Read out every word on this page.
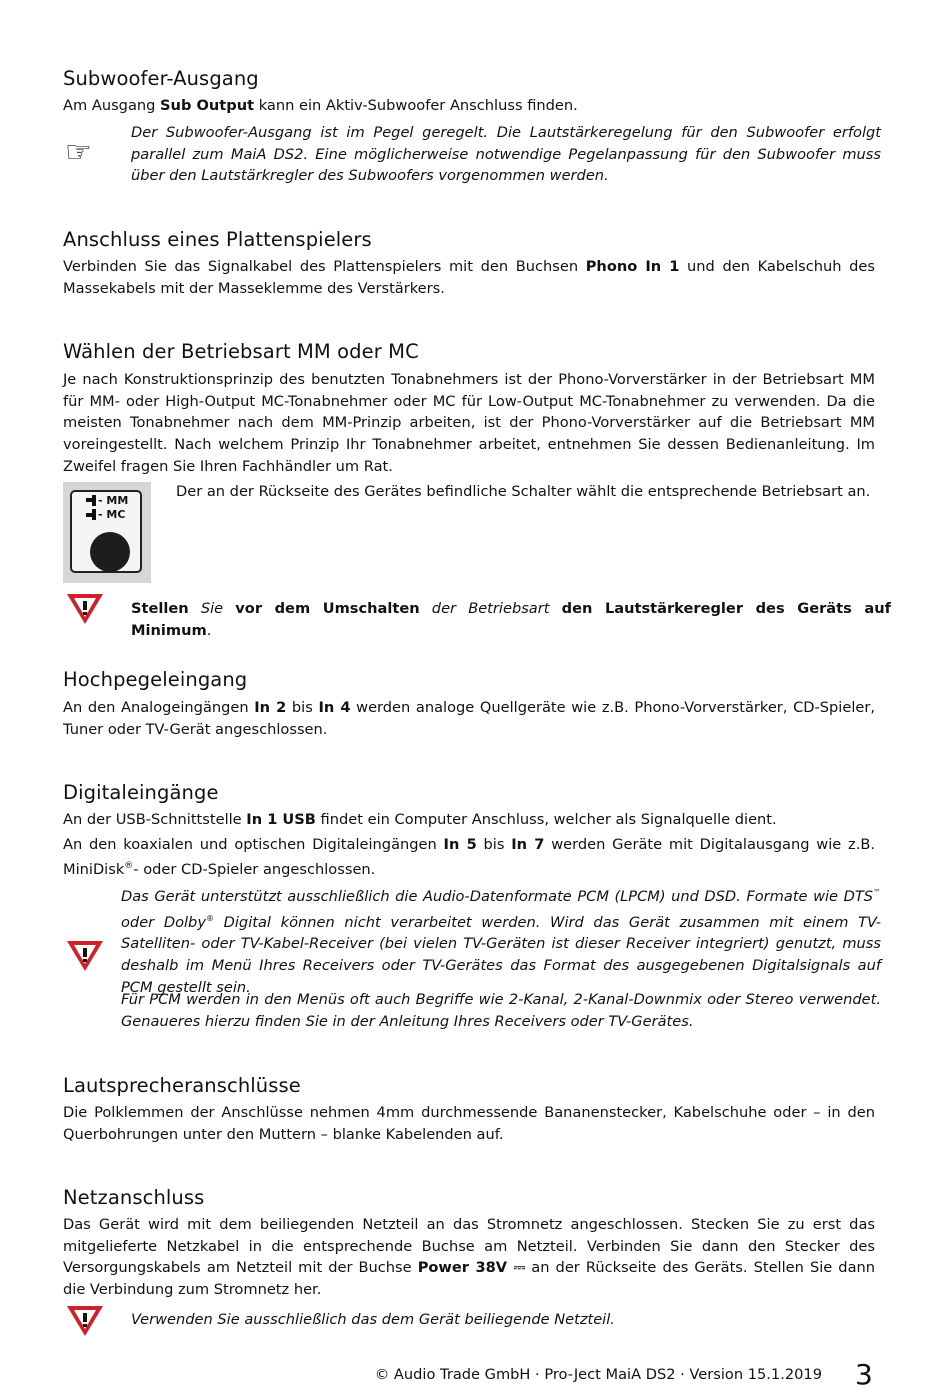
Subwoofer-Ausgang

Am Ausgang Sub Output kann ein Aktiv-Subwoofer Anschluss finden.

☞
Der Subwoofer-Ausgang ist im Pegel geregelt. Die Lautstärkeregelung für den Subwoofer erfolgt parallel zum MaiA DS2. Eine möglicherweise notwendige Pegelanpassung für den Subwoofer muss über den Lautstärkregler des Subwoofers vorgenommen werden.
Anschluss eines Plattenspielers

Verbinden Sie das Signalkabel des Plattenspielers mit den Buchsen Phono In 1 und den Kabelschuh des Massekabels mit der Masseklemme des Verstärkers.

Wählen der Betriebsart MM oder MC

Je nach Konstruktionsprinzip des benutzten Tonabnehmers ist der Phono-Vorverstärker in der Betriebsart MM für MM- oder High-Output MC-Tonabnehmer oder MC für Low-Output MC-Tonabnehmer zu verwenden. Da die meisten Tonabnehmer nach dem MM-Prinzip arbeiten, ist der Phono-Vorverstärker auf die Betriebsart MM voreingestellt. Nach welchem Prinzip Ihr Tonabnehmer arbeitet, entnehmen Sie dessen Bedienanleitung. Im Zweifel fragen Sie Ihren Fachhändler um Rat.

- MM
- MC
Der an der Rückseite des Gerätes befindliche Schalter wählt die entsprechende Betriebsart an.
Stellen Sie vor dem Umschalten der Betriebsart den Lautstärkeregler des Geräts auf Minimum.
Hochpegeleingang

An den Analogeingängen In 2 bis In 4 werden analoge Quellgeräte wie z.B. Phono-Vorverstärker, CD-Spieler, Tuner oder TV-Gerät angeschlossen.

Digitaleingänge

An der USB-Schnittstelle In 1 USB findet ein Computer Anschluss, welcher als Signalquelle dient.

An den koaxialen und optischen Digitaleingängen In 5 bis In 7 werden Geräte mit Digitalausgang wie z.B. MiniDisk®- oder CD-Spieler angeschlossen.

Das Gerät unterstützt ausschließlich die Audio-Datenformate PCM (LPCM) und DSD. Formate wie DTS™ oder Dolby® Digital können nicht verarbeitet werden. Wird das Gerät zusammen mit einem TV-Satelliten- oder TV-Kabel-Receiver (bei vielen TV-Geräten ist dieser Receiver integriert) genutzt, muss deshalb im Menü Ihres Receivers oder TV-Gerätes das Format des ausgegebenen Digitalsignals auf PCM gestellt sein.
Für PCM werden in den Menüs oft auch Begriffe wie 2-Kanal, 2-Kanal-Downmix oder Stereo verwendet. Genaueres hierzu finden Sie in der Anleitung Ihres Receivers oder TV-Gerätes.
Lautsprecheranschlüsse

Die Polklemmen der Anschlüsse nehmen 4mm durchmessende Bananenstecker, Kabelschuhe oder – in den Querbohrungen unter den Muttern – blanke Kabelenden auf.

Netzanschluss

Das Gerät wird mit dem beiliegenden Netzteil an das Stromnetz angeschlossen. Stecken Sie zu erst das mitgelieferte Netzkabel in die entsprechende Buchse am Netzteil. Verbinden Sie dann den Stecker des Versorgungskabels am Netzteil mit der Buchse Power 38V ⎓ an der Rückseite des Geräts. Stellen Sie dann die Verbindung zum Stromnetz her.

Verwenden Sie ausschließlich das dem Gerät beiliegende Netzteil.
© Audio Trade GmbH · Pro-Ject MaiA DS2 · Version 15.1.2019 3
